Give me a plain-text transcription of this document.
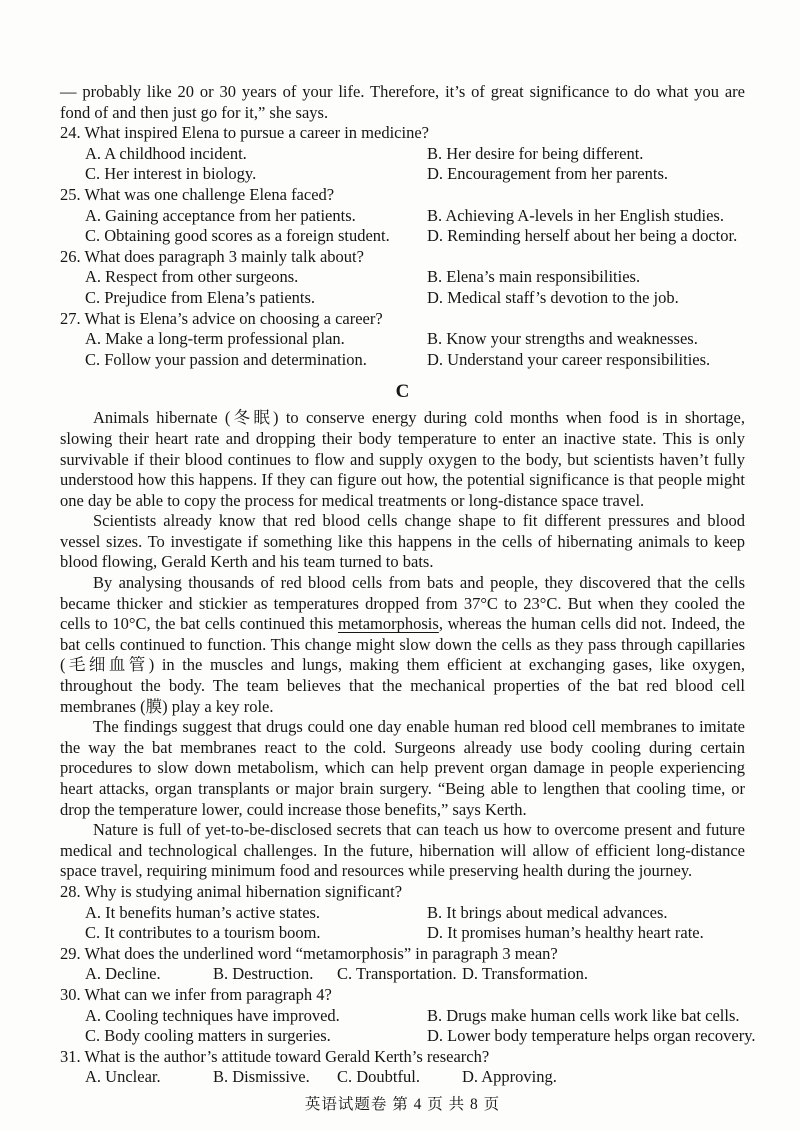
— probably like 20 or 30 years of your life. Therefore, it’s of great significance to do what you are fond of and then just go for it,” she says.

24. What inspired Elena to pursue a career in medicine?

A. A childhood incident.	B. Her desire for being different.
C. Her interest in biology.	D. Encouragement from her parents.

25. What was one challenge Elena faced?

A. Gaining acceptance from her patients.	B. Achieving A-levels in her English studies.
C. Obtaining good scores as a foreign student.	D. Reminding herself about her being a doctor.

26. What does paragraph 3 mainly talk about?

A. Respect from other surgeons.	B. Elena’s main responsibilities.
C. Prejudice from Elena’s patients.	D. Medical staff’s devotion to the job.

27. What is Elena’s advice on choosing a career?

A. Make a long-term professional plan.	B. Know your strengths and weaknesses.
C. Follow your passion and determination.	D. Understand your career responsibilities.
C

Animals hibernate (冬眠) to conserve energy during cold months when food is in shortage, slowing their heart rate and dropping their body temperature to enter an inactive state. This is only survivable if their blood continues to flow and supply oxygen to the body, but scientists haven’t fully understood how this happens. If they can figure out how, the potential significance is that people might one day be able to copy the process for medical treatments or long-distance space travel.

Scientists already know that red blood cells change shape to fit different pressures and blood vessel sizes. To investigate if something like this happens in the cells of hibernating animals to keep blood flowing, Gerald Kerth and his team turned to bats.

By analysing thousands of red blood cells from bats and people, they discovered that the cells became thicker and stickier as temperatures dropped from 37°C to 23°C. But when they cooled the cells to 10°C, the bat cells continued this metamorphosis, whereas the human cells did not. Indeed, the bat cells continued to function. This change might slow down the cells as they pass through capillaries (毛细血管) in the muscles and lungs, making them efficient at exchanging gases, like oxygen, throughout the body. The team believes that the mechanical properties of the bat red blood cell membranes (膜) play a key role.

The findings suggest that drugs could one day enable human red blood cell membranes to imitate the way the bat membranes react to the cold. Surgeons already use body cooling during certain procedures to slow down metabolism, which can help prevent organ damage in people experiencing heart attacks, organ transplants or major brain surgery. “Being able to lengthen that cooling time, or drop the temperature lower, could increase those benefits,” says Kerth.

Nature is full of yet-to-be-disclosed secrets that can teach us how to overcome present and future medical and technological challenges. In the future, hibernation will allow of efficient long-distance space travel, requiring minimum food and resources while preserving health during the journey.

28. Why is studying animal hibernation significant?

A. It benefits human’s active states.	B. It brings about medical advances.
C. It contributes to a tourism boom.	D. It promises human’s healthy heart rate.

29. What does the underlined word “metamorphosis” in paragraph 3 mean?

A. Decline.	B. Destruction.	C. Transportation. D. Transformation.

30. What can we infer from paragraph 4?

A. Cooling techniques have improved.	B. Drugs make human cells work like bat cells.
C. Body cooling matters in surgeries.	D. Lower body temperature helps organ recovery.

31. What is the author’s attitude toward Gerald Kerth’s research?

A. Unclear.	B. Dismissive.	C. Doubtful.	D. Approving.

英语试题卷 第 4 页 共 8 页
